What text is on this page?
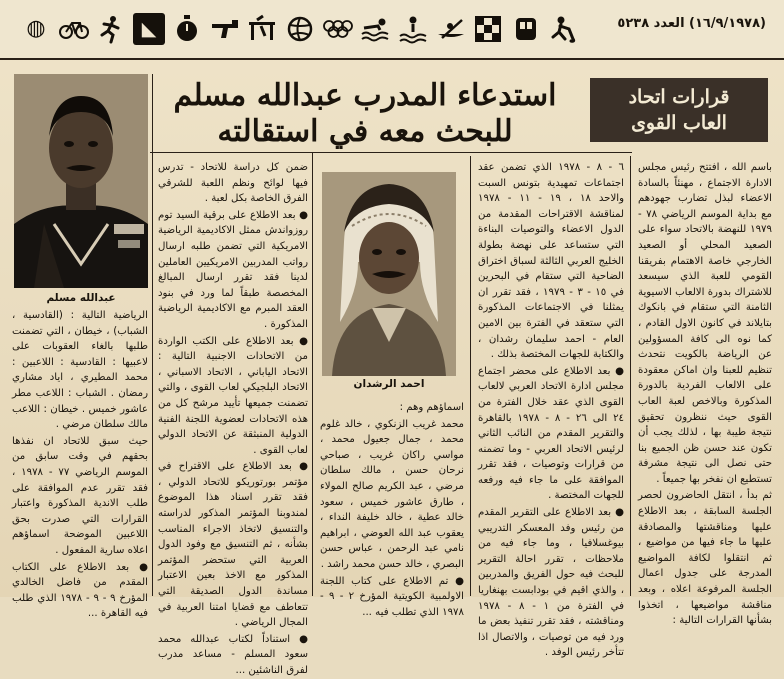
◍	◣	(١٦/٩/١٩٧٨) العدد ٥٢٣٨
قرارات اتحاد
العاب القوى
استدعاء المدرب عبدالله مسلم
للبحث معه في استقالته
عبدالله مسلم
احمد الرشدان

باسم الله ، افتتح رئيس مجلس الادارة الاجتماع ، مهنئاً بالسادة الاعضاء لبذل تضارب جهودهم مع بداية الموسم الرياضي ٧٨ - ١٩٧٩ للنهضة بالاتحاد سواء على الصعيد المحلي أو الصعيد الخارجي خاصة الاهتمام بفريقنا القومي للعبة الذي سيسعد للاشتراك بدورة الالعاب الاسيوية الثامنة التي ستقام في بانكوك بتايلاند في كانون الاول القادم ، كما نوه الى كافة المسؤولين عن الرياضة بالكويت نتحدث تنظيم للعبنا وان اماكن معقودة على الالعاب الفردية بالدورة المذكورة وبالاخص لعبة العاب القوى حيث ننظرون تحقيق نتيجة طيبة بها ، لذلك يجب أن تكون عند حسن ظن الجميع بنا حتى نصل الى نتيجة مشرفة تستطيع ان نفخر بها جميعاً .

ثم بدأ ، انتقل الحاضرون لحصر الجلسة السابقة ، بعد الاطلاع عليها ومناقشتها والمصادقة عليها ما جاء فيها من مواضيع ، ثم انتقلوا لكافة المواضيع المدرجة على جدول اعمال الجلسة المرفوعة اعلاه ، وبعد مناقشة مواضيعها ، اتخذوا بشأنها القرارات التالية :

٦ - ٨ - ١٩٧٨ الذي تضمن عقد اجتماعات تمهيدية بتونس السبت والاحد ١٨ ، ١٩ - ١١ - ١٩٧٨ لمناقشة الاقتراحات المقدمة من الدول الاعضاء والتوصيات البناءة التي ستساعد على نهضة بطولة الخليج العربي الثالثة لسباق اختراق الضاحية التي ستقام في البحرين في ١٥ - ٣ - ١٩٧٩ ، فقد تقرر ان يمثلنا في الاجتماعات المذكورة التي ستعقد في الفترة بين الامين العام - احمد سليمان رشدان ، والكتابة للجهات المختصة بذلك .

● بعد الاطلاع على محضر اجتماع مجلس ادارة الاتحاد العربي لالعاب القوى الذي عقد خلال الفترة من ٢٤ الى ٢٦ - ٨ - ١٩٧٨ بالقاهرة والتقرير المقدم من النائب الثاني لرئيس الاتحاد العربي - وما تضمنه من قرارات وتوصيات ، فقد تقرر الموافقة على ما جاء فيه ورفعه للجهات المختصة .

● بعد الاطلاع على التقرير المقدم من رئيس وفد المعسكر التدريبي بيوغسلافيا ، وما جاء فيه من ملاحظات ، تقرر احالة التقرير للبحث فيه حول الفريق والمدربين ، والذي اقيم في بودابست بهنغاريا في الفترة من ١ - ٨ - ١٩٧٨ ومناقشته ، فقد تقرر تنفيذ بعض ما ورد فيه من توصيات ، والاتصال اذا تتأخر رئيس الوفد .

اسماؤهم وهم :

محمد غريب الزنكوي ، خالد غلوم محمد ، جمال جعيول محمد ، مواسي راكان غريب ، صباحي نرحان حسن ، مالك سلطان مرضي ، عبد الكريم صالح المولاء ، طارق عاشور خميس ، سعود خالد عطية ، خالد خليفة النداء ، يعقوب عبد الله العوضي ، ابراهيم نامي عبد الرحمن ، عباس حسن البصري ، خالد حسن محمد راشد .

● تم الاطلاع على كتاب اللجنة الاولمبية الكويتية المؤرخ ٢ - ٩ - ١٩٧٨ الذي تطلب فيه ...

ضمن كل دراسة للاتحاد - تدرس فيها لوائح ونظم اللعبة للشرقي الفرق الخاصة بكل لعبة .

● بعد الاطلاع على برقية السيد توم روزواندش ممثل الاكاديمية الرياضية الامريكية التي تضمن طلبه ارسال رواتب المدربين الامريكيين العاملين لدينا فقد تقرر ارسال المبالغ المخصصة طبقاً لما ورد في بنود العقد المبرم مع الاكاديمية الرياضية المذكورة .

● بعد الاطلاع على الكتب الواردة من الاتحادات الاجنبية التالية : الاتحاد الياباني ، الاتحاد الاسباني ، الاتحاد البلجيكي لعاب القوى ، والتي تضمنت جميعها تأييد مرشح كل من هذه الاتحادات لعضوية اللجنة الفنية الدولية المنبثقة عن الاتحاد الدولي لعاب القوى .

● بعد الاطلاع على الاقتراح في مؤتمر بورتوريكو للاتحاد الدولي ، فقد تقرر اسناد هذا الموضوع لمندوبنا المؤتمر المذكور لدراسته والتنسيق لاتخاذ الاجراء المناسب بشأنه ، ثم التنسيق مع وفود الدول العربية التي ستحضر المؤتمر المذكور مع الاخذ بعين الاعتبار مساندة الدول الصديقة التي تتعاطف مع قضايا امتنا العربية في المجال الرياضي .

● استناداً لكتاب عبدالله محمد سعود المسلم - مساعد مدرب لفرق الناشئين ...

الرياضية التالية : (القادسية ، الشباب) ، خيطان ، التي تضمنت طلبها بالغاء العقوبات على لاعبيها : القادسية : اللاعبين : محمد المطيري ، اياد مشاري رمضان . الشباب : اللاعب مطر عاشور خميس . خيطان : اللاعب مالك سلطان مرضي .

حيث سبق للاتحاد ان نفذها بحقهم في وقت سابق من الموسم الرياضي ٧٧ - ١٩٧٨ ، فقد تقرر عدم الموافقة على طلب الاندية المذكورة واعتبار القرارات التي صدرت بحق اللاعبين الموضحة اسماؤهم اعلاه سارية المفعول .

● بعد الاطلاع على الكتاب المقدم من فاضل الخالدي المؤرخ ٩ - ٩ - ١٩٧٨ الذي طلب فيه القاهرة ...
